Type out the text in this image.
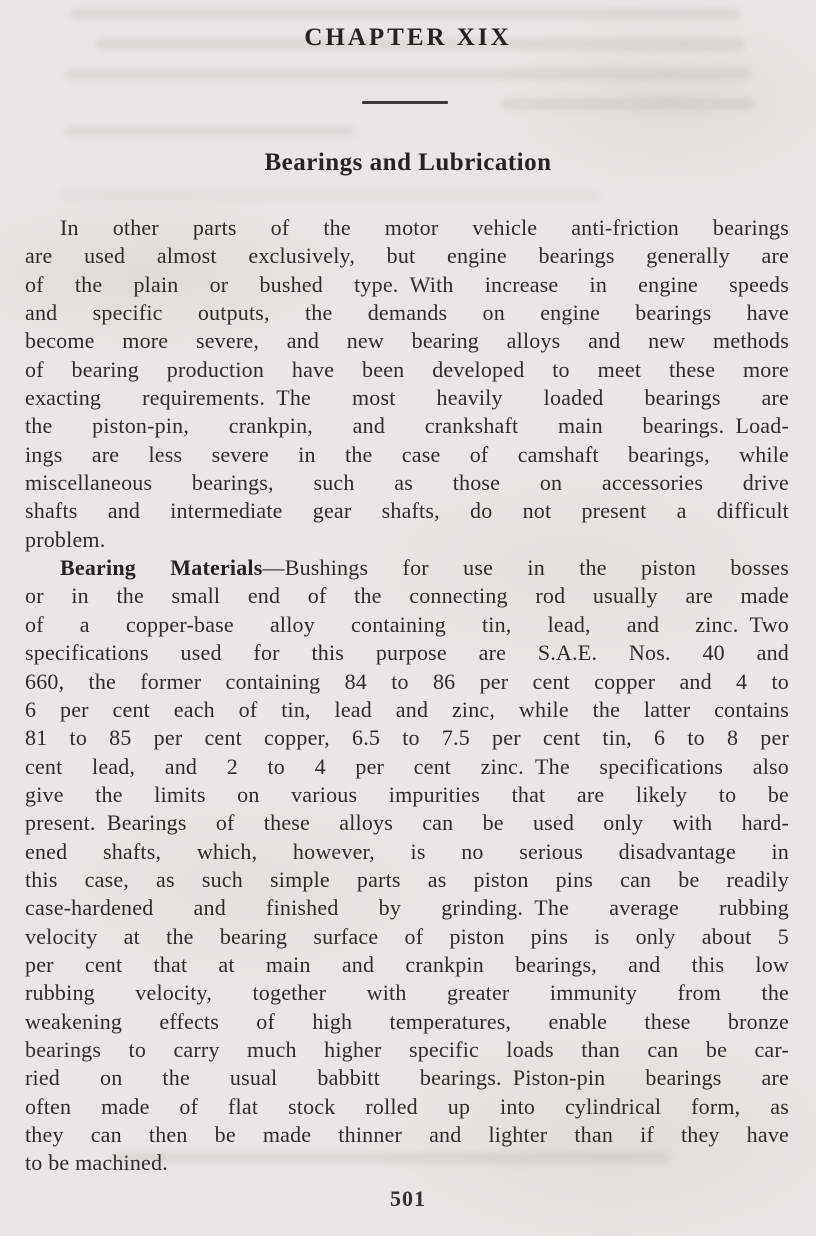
CHAPTER XIX
Bearings and Lubrication
In other parts of the motor vehicle anti-friction bearings
are used almost exclusively, but engine bearings generally are
of the plain or bushed type. With increase in engine speeds
and specific outputs, the demands on engine bearings have
become more severe, and new bearing alloys and new methods
of bearing production have been developed to meet these more
exacting requirements. The most heavily loaded bearings are
the piston-pin, crankpin, and crankshaft main bearings. Load-
ings are less severe in the case of camshaft bearings, while
miscellaneous bearings, such as those on accessories drive
shafts and intermediate gear shafts, do not present a difficult
problem.
Bearing Materials—Bushings for use in the piston bosses
or in the small end of the connecting rod usually are made
of a copper-base alloy containing tin, lead, and zinc. Two
specifications used for this purpose are S.A.E. Nos. 40 and
660, the former containing 84 to 86 per cent copper and 4 to
6 per cent each of tin, lead and zinc, while the latter contains
81 to 85 per cent copper, 6.5 to 7.5 per cent tin, 6 to 8 per
cent lead, and 2 to 4 per cent zinc. The specifications also
give the limits on various impurities that are likely to be
present. Bearings of these alloys can be used only with hard-
ened shafts, which, however, is no serious disadvantage in
this case, as such simple parts as piston pins can be readily
case-hardened and finished by grinding. The average rubbing
velocity at the bearing surface of piston pins is only about 5
per cent that at main and crankpin bearings, and this low
rubbing velocity, together with greater immunity from the
weakening effects of high temperatures, enable these bronze
bearings to carry much higher specific loads than can be car-
ried on the usual babbitt bearings. Piston-pin bearings are
often made of flat stock rolled up into cylindrical form, as
they can then be made thinner and lighter than if they have
to be machined.
501
